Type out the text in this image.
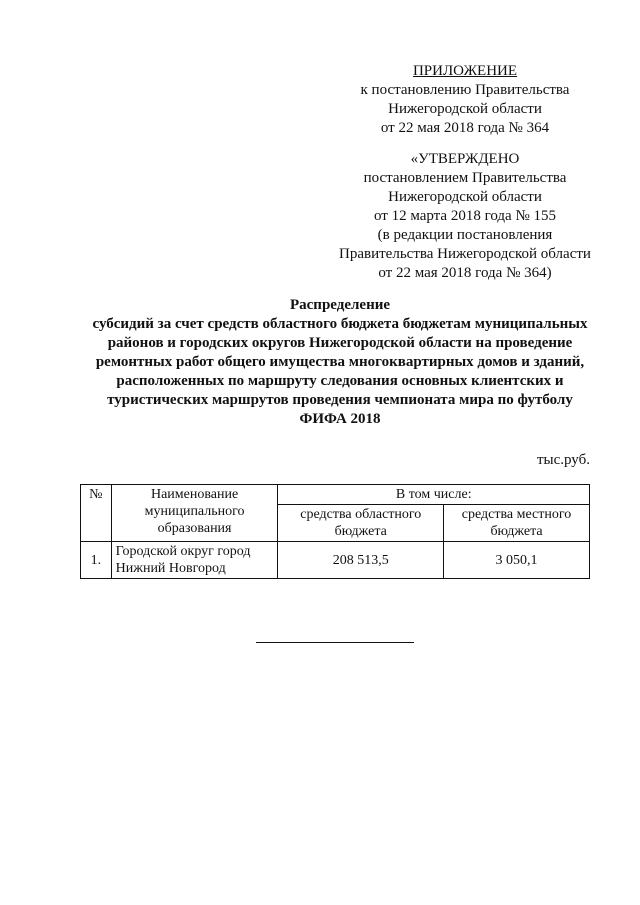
ПРИЛОЖЕНИЕ
к постановлению Правительства
Нижегородской области
от 22 мая 2018 года № 364
«УТВЕРЖДЕНО
постановлением Правительства
Нижегородской области
от 12 марта 2018 года № 155
(в редакции постановления
Правительства Нижегородской области
от 22 мая 2018 года № 364)
Распределение
субсидий за счет средств областного бюджета бюджетам муниципальных
районов и городских округов Нижегородской области на проведение
ремонтных работ общего имущества многоквартирных домов и зданий,
расположенных по маршруту следования основных клиентских и
туристических маршрутов проведения чемпионата мира по футболу
ФИФА 2018
тыс.руб.
№	Наименование муниципального образования	В том числе:	
		средства областного бюджета	средства местного бюджета
1.	Городской округ город Нижний Новгород	208 513,5	3 050,1
